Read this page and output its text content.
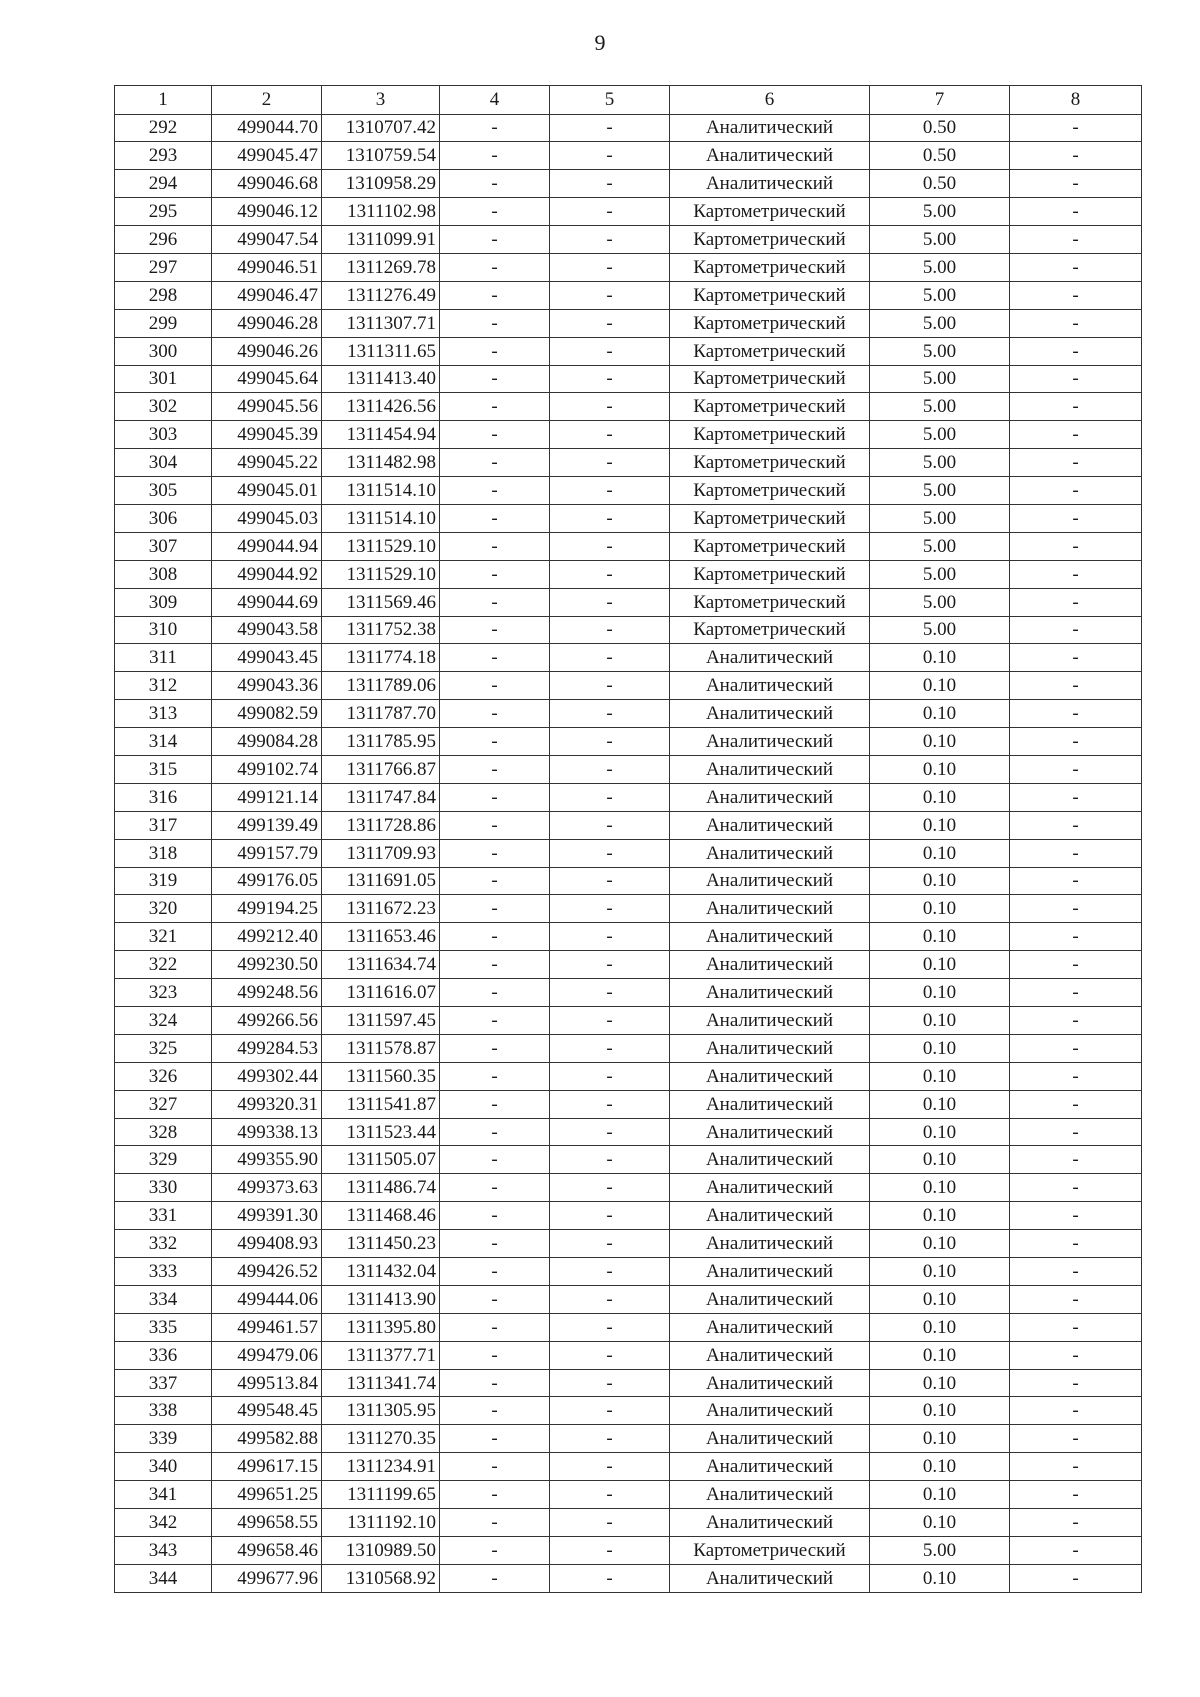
9
1	2	3	4	5	6	7	8
292	499044.70	1310707.42	-	-	Аналитический	0.50	-
293	499045.47	1310759.54	-	-	Аналитический	0.50	-
294	499046.68	1310958.29	-	-	Аналитический	0.50	-
295	499046.12	1311102.98	-	-	Картометрический	5.00	-
296	499047.54	1311099.91	-	-	Картометрический	5.00	-
297	499046.51	1311269.78	-	-	Картометрический	5.00	-
298	499046.47	1311276.49	-	-	Картометрический	5.00	-
299	499046.28	1311307.71	-	-	Картометрический	5.00	-
300	499046.26	1311311.65	-	-	Картометрический	5.00	-
301	499045.64	1311413.40	-	-	Картометрический	5.00	-
302	499045.56	1311426.56	-	-	Картометрический	5.00	-
303	499045.39	1311454.94	-	-	Картометрический	5.00	-
304	499045.22	1311482.98	-	-	Картометрический	5.00	-
305	499045.01	1311514.10	-	-	Картометрический	5.00	-
306	499045.03	1311514.10	-	-	Картометрический	5.00	-
307	499044.94	1311529.10	-	-	Картометрический	5.00	-
308	499044.92	1311529.10	-	-	Картометрический	5.00	-
309	499044.69	1311569.46	-	-	Картометрический	5.00	-
310	499043.58	1311752.38	-	-	Картометрический	5.00	-
311	499043.45	1311774.18	-	-	Аналитический	0.10	-
312	499043.36	1311789.06	-	-	Аналитический	0.10	-
313	499082.59	1311787.70	-	-	Аналитический	0.10	-
314	499084.28	1311785.95	-	-	Аналитический	0.10	-
315	499102.74	1311766.87	-	-	Аналитический	0.10	-
316	499121.14	1311747.84	-	-	Аналитический	0.10	-
317	499139.49	1311728.86	-	-	Аналитический	0.10	-
318	499157.79	1311709.93	-	-	Аналитический	0.10	-
319	499176.05	1311691.05	-	-	Аналитический	0.10	-
320	499194.25	1311672.23	-	-	Аналитический	0.10	-
321	499212.40	1311653.46	-	-	Аналитический	0.10	-
322	499230.50	1311634.74	-	-	Аналитический	0.10	-
323	499248.56	1311616.07	-	-	Аналитический	0.10	-
324	499266.56	1311597.45	-	-	Аналитический	0.10	-
325	499284.53	1311578.87	-	-	Аналитический	0.10	-
326	499302.44	1311560.35	-	-	Аналитический	0.10	-
327	499320.31	1311541.87	-	-	Аналитический	0.10	-
328	499338.13	1311523.44	-	-	Аналитический	0.10	-
329	499355.90	1311505.07	-	-	Аналитический	0.10	-
330	499373.63	1311486.74	-	-	Аналитический	0.10	-
331	499391.30	1311468.46	-	-	Аналитический	0.10	-
332	499408.93	1311450.23	-	-	Аналитический	0.10	-
333	499426.52	1311432.04	-	-	Аналитический	0.10	-
334	499444.06	1311413.90	-	-	Аналитический	0.10	-
335	499461.57	1311395.80	-	-	Аналитический	0.10	-
336	499479.06	1311377.71	-	-	Аналитический	0.10	-
337	499513.84	1311341.74	-	-	Аналитический	0.10	-
338	499548.45	1311305.95	-	-	Аналитический	0.10	-
339	499582.88	1311270.35	-	-	Аналитический	0.10	-
340	499617.15	1311234.91	-	-	Аналитический	0.10	-
341	499651.25	1311199.65	-	-	Аналитический	0.10	-
342	499658.55	1311192.10	-	-	Аналитический	0.10	-
343	499658.46	1310989.50	-	-	Картометрический	5.00	-
344	499677.96	1310568.92	-	-	Аналитический	0.10	-
